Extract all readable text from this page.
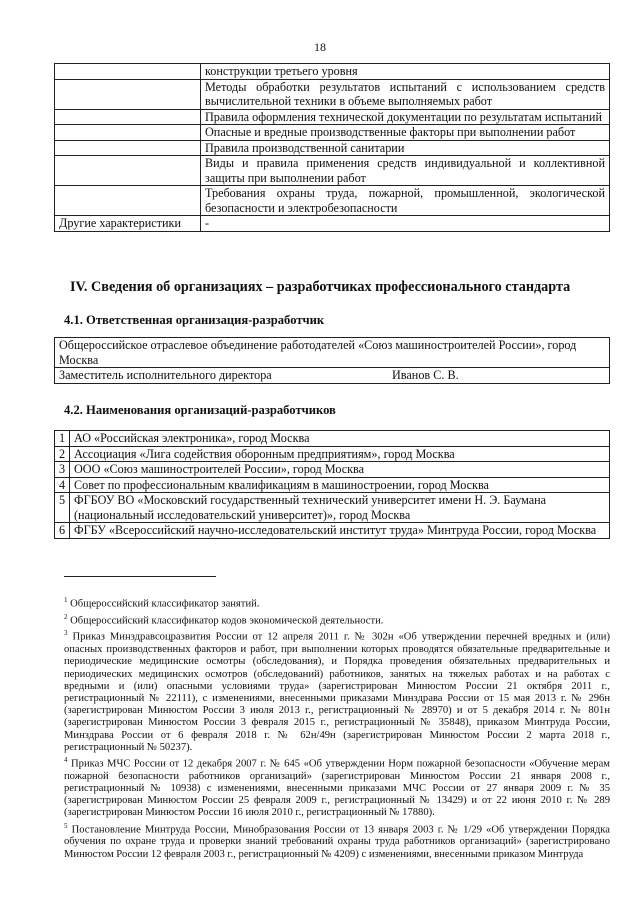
18
	конструкции третьего уровня
	Методы обработки результатов испытаний с использованием средств вычислительной техники в объеме выполняемых работ
	Правила оформления технической документации по результатам испытаний
	Опасные и вредные производственные факторы при выполнении работ
	Правила производственной санитарии
	Виды и правила применения средств индивидуальной и коллективной защиты при выполнении работ
	Требования охраны труда, пожарной, промышленной, экологической безопасности и электробезопасности
Другие характеристики	-
IV. Сведения об организациях – разработчиках профессионального стандарта
4.1. Ответственная организация-разработчик
Общероссийское отраслевое объединение работодателей «Союз машиностроителей России», город Москва
Заместитель исполнительного директора	Иванов С. В.
4.2. Наименования организаций-разработчиков
1	АО «Российская электроника», город Москва
2	Ассоциация «Лига содействия оборонным предприятиям», город Москва
3	ООО «Союз машиностроителей России», город Москва
4	Совет по профессиональным квалификациям в машиностроении, город Москва
5	ФГБОУ ВО «Московский государственный технический университет имени Н. Э. Баумана (национальный исследовательский университет)», город Москва
6	ФГБУ «Всероссийский научно-исследовательский институт труда» Минтруда России, город Москва

$^1$ Общероссийский классификатор занятий.

$^2$ Общероссийский классификатор кодов экономической деятельности.

$^3$ Приказ Минздравсоцразвития России от 12 апреля 2011 г. № 302н «Об утверждении перечней вредных и (или) опасных производственных факторов и работ, при выполнении которых проводятся обязательные предварительные и периодические медицинские осмотры (обследования), и Порядка проведения обязательных предварительных и периодических медицинских осмотров (обследований) работников, занятых на тяжелых работах и на работах с вредными и (или) опасными условиями труда» (зарегистрирован Минюстом России 21 октября 2011 г., регистрационный № 22111), с изменениями, внесенными приказами Минздрава России от 15 мая 2013 г. № 296н (зарегистрирован Минюстом России 3 июля 2013 г., регистрационный № 28970) и от 5 декабря 2014 г. № 801н (зарегистрирован Минюстом России 3 февраля 2015 г., регистрационный № 35848), приказом Минтруда России, Минздрава России от 6 февраля 2018 г. № 62н/49н (зарегистрирован Минюстом России 2 марта 2018 г., регистрационный № 50237).

$^4$ Приказ МЧС России от 12 декабря 2007 г. № 645 «Об утверждении Норм пожарной безопасности «Обучение мерам пожарной безопасности работников организаций» (зарегистрирован Минюстом России 21 января 2008 г., регистрационный № 10938) с изменениями, внесенными приказами МЧС России от 27 января 2009 г. № 35 (зарегистрирован Минюстом России 25 февраля 2009 г., регистрационный № 13429) и от 22 июня 2010 г. № 289 (зарегистрирован Минюстом России 16 июля 2010 г., регистрационный № 17880).

$^5$ Постановление Минтруда России, Минобразования России от 13 января 2003 г. № 1/29 «Об утверждении Порядка обучения по охране труда и проверки знаний требований охраны труда работников организаций» (зарегистрировано Минюстом России 12 февраля 2003 г., регистрационный № 4209) с изменениями, внесенными приказом Минтруда
